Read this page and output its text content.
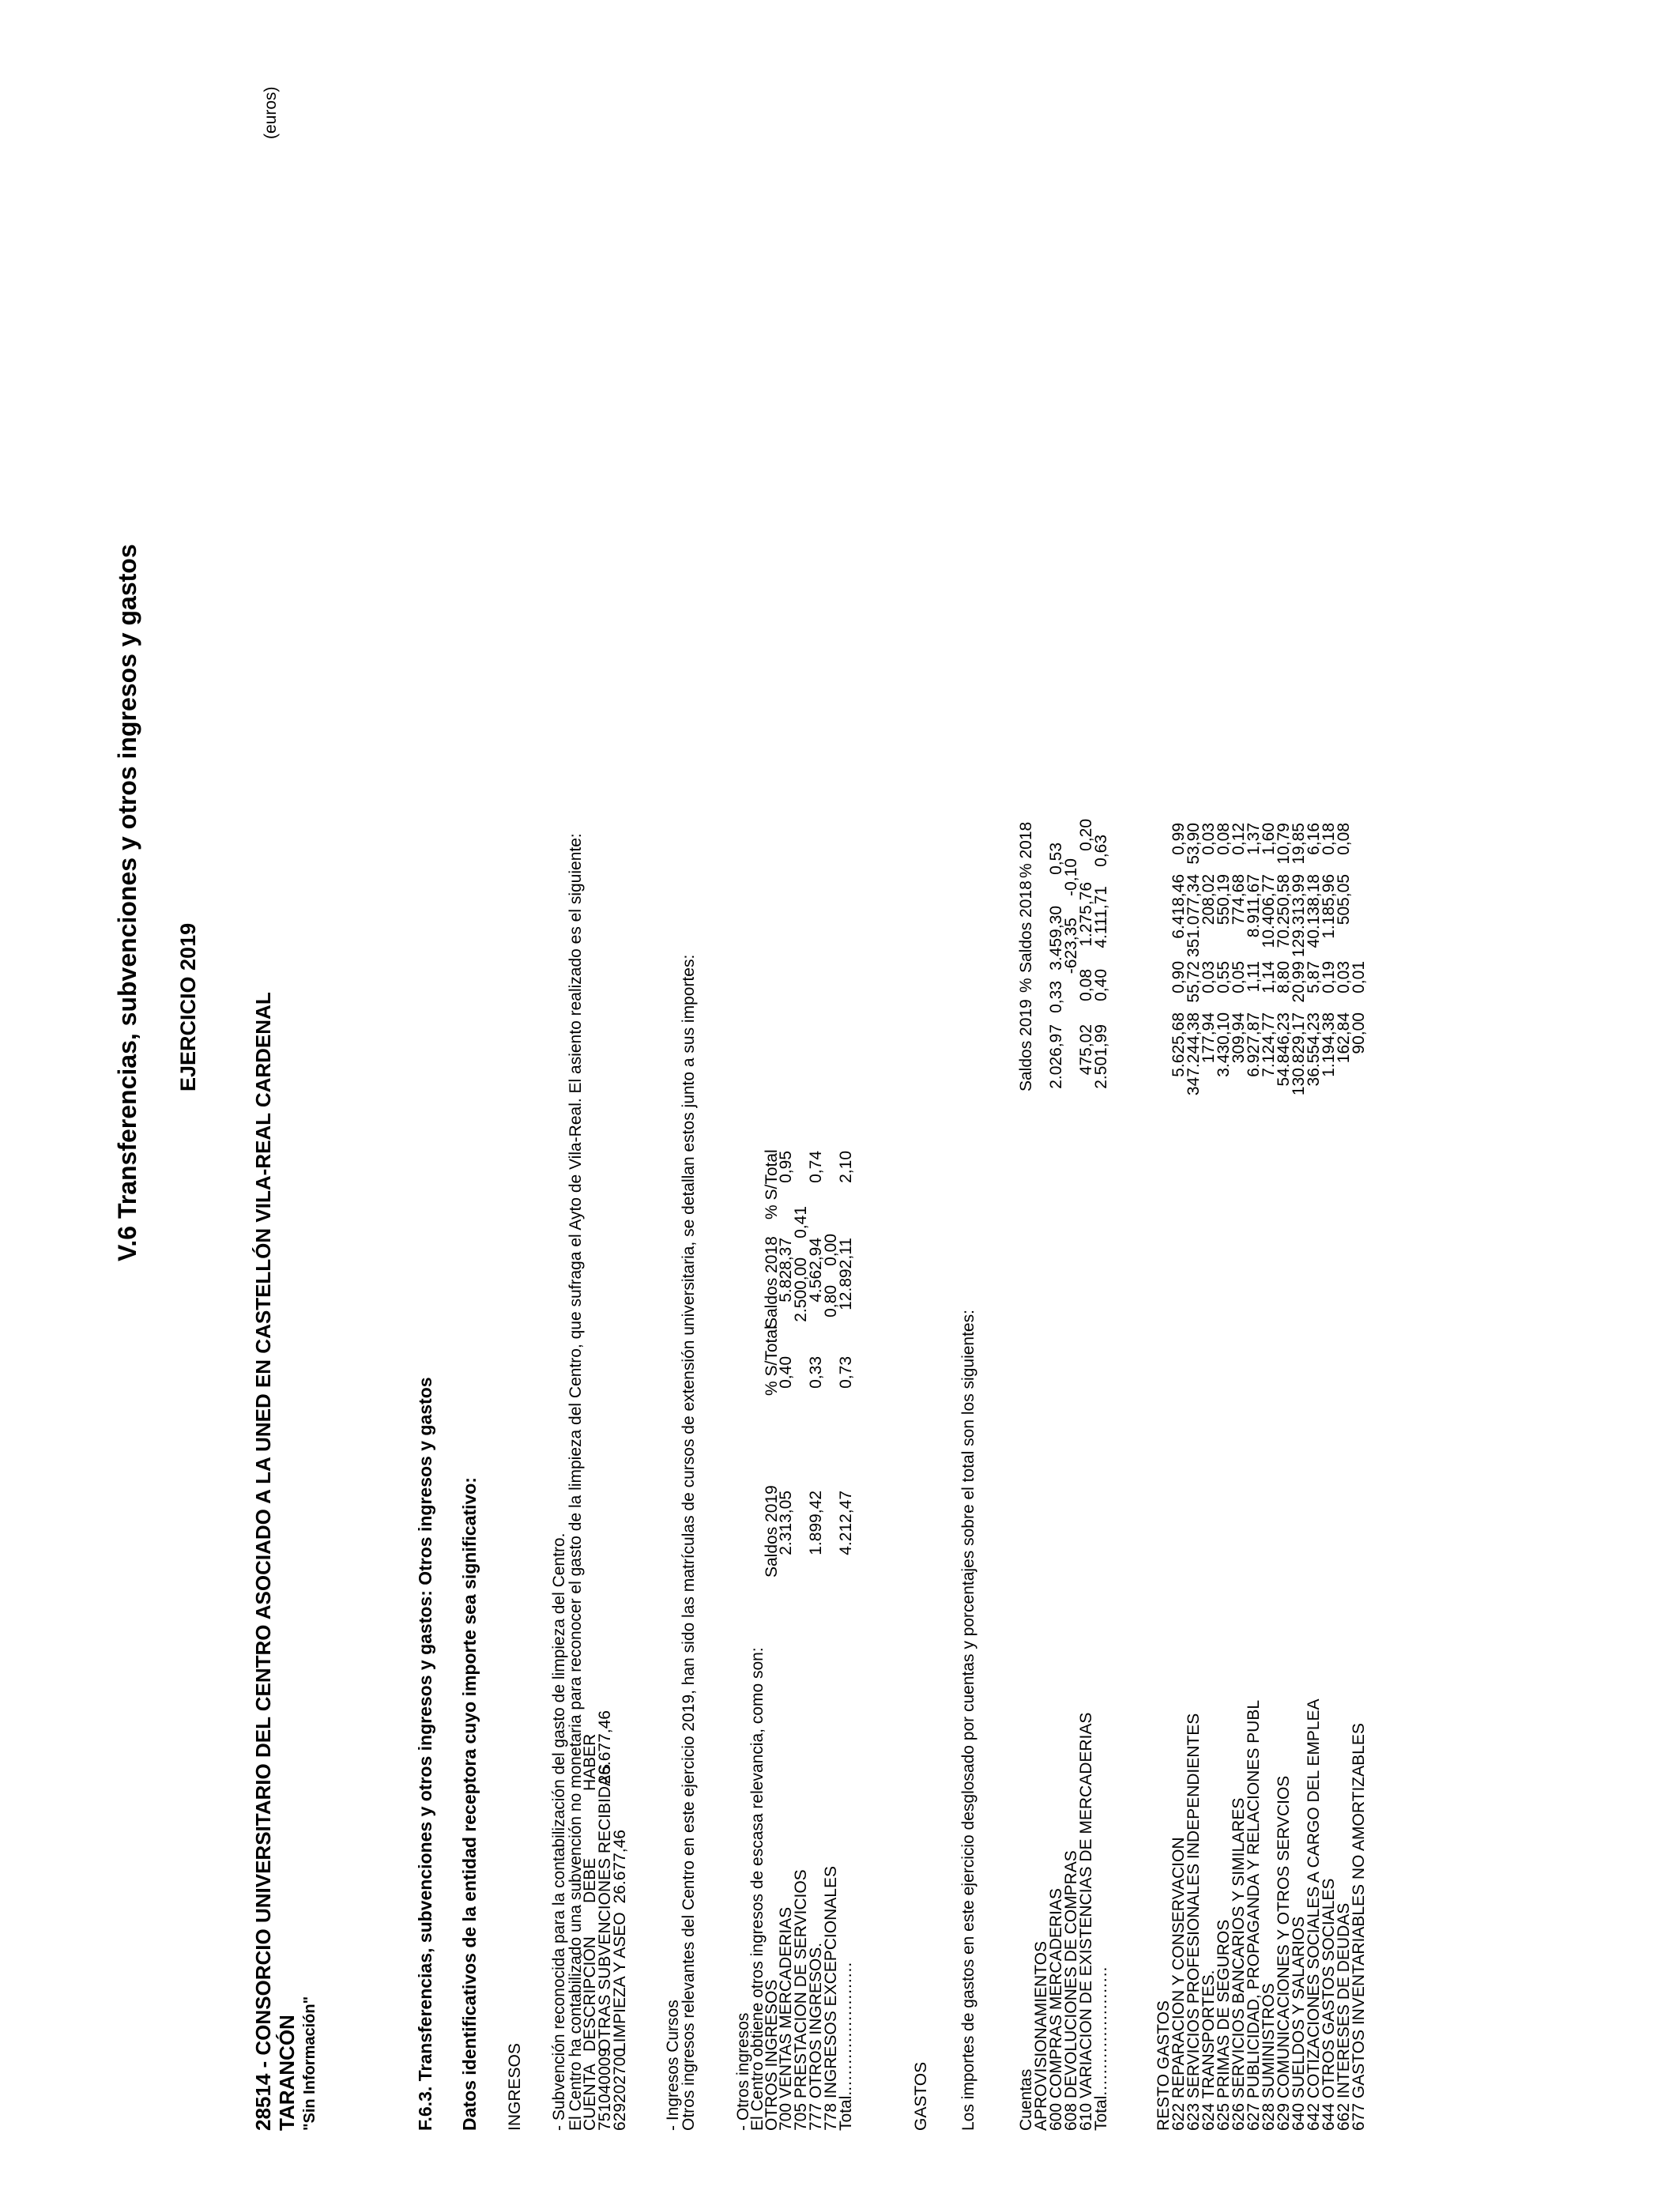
V.6 Transferencias, subvenciones y otros ingresos y gastos
(euros)
EJERCICIO 2019	28514 - CONSORCIO UNIVERSITARIO DEL CENTRO ASOCIADO A LA UNED EN CASTELLÓN VILA-REAL CARDENAL TARANCÓN "Sin Información"	F.6.3. Transferencias, subvenciones y otros ingresos y gastos: Otros ingresos y gastos Datos identificativos de la entidad receptora cuyo importe sea significativo: INGRESOS - Subvención reconocida para la contabilización del gasto de limpieza del Centro.
El Centro ha contabilizado una subvención no monetaria para reconocer el gasto de la limpieza del Centro, que sufraga el Ayto de Vila-Real. El asiento realizado es el siguiente:
CUENTA
DESCRIPCIÓN
DEBE
HABER
751040009
OTRAS SUBVENCIONES RECIBIDAS
26.677,46
629202700
LIMPIEZA Y ASEO
26.677,46
- Ingresos Cursos
Otros ingresos relevantes del Centro en este ejercicio 2019, han sido las matrículas de cursos de extensión universitaria, se detallan estos junto a sus importes: - Otros ingresos
El Centro obtiene otros ingresos de escasa relevancia, como son:
OTROS INGRESOS
Saldos 2019
% S/Total
Saldos 2018
% S/Total
700 VENTAS MERCADERIAS
2.313,05
0,40
5.828,37
0,95
705 PRESTACION DE SERVICIOS
2.500,00
0,41
777 OTROS INGRESOS.
1.899,42
0,33
4.562,94
0,74
778 INGRESOS EXCEPCIONALES
0,80
0,00
Total.........................
4.212,47
0,73
12.892,11
2,10
GASTOS Los importes de gastos en este ejercicio desglosado por cuentas y porcentajes sobre el total son los siguientes: Cuentas
Saldos 2019
%
Saldos 2018
% 2018
APROVISIONAMIENTOS
600 COMPRAS MERCADERIAS
2.026,97
0,33
3.459,30
0,53
608 DEVOLUCIONES DE COMPRAS
-623,35
-0,10
610 VARIACION DE EXISTENCIAS DE MERCADERIAS
475,02
0,08
1.275,76
0,20
Total........................
2.501,99
0,40
4.111,71
0,63
RESTO GASTOS
622 REPARACION Y CONSERVACION
5.625,68
0,90
6.418,46
0,99
623 SERVICIOS PROFESIONALES INDEPENDIENTES
347.244,38
55,72
351.077,34
53,90
624 TRANSPORTES.
177,94
0,03
208,02
0,03
625 PRIMAS DE SEGUROS
3.430,10
0,55
550,19
0,08
626 SERVICIOS BANCARIOS Y SIMILARES
309,94
0,05
774,68
0,12
627 PUBLICIDAD, PROPAGANDA Y RELACIONES PUBL
6.927,87
1,11
8.911,67
1,37
628 SUMINISTROS
7.124,77
1,14
10.406,77
1,60
629 COMUNICACIONES Y OTROS SERVCIOS
54.846,23
8,80
70.250,58
10,79
640 SUELDOS Y SALARIOS
130.829,17
20,99
129.313,99
19,85
642 COTIZACIONES SOCIALES A CARGO DEL EMPLEA
36.554,23
5,87
40.138,18
6,16
644 OTROS GASTOS SOCIALES
1.194,38
0,19
1.185,96
0,18
662 INTERESES DE DEUDAS
162,84
0,03
505,05
0,08
677 GASTOS INVENTARIABLES NO AMORTIZABLES
90,00
0,01
